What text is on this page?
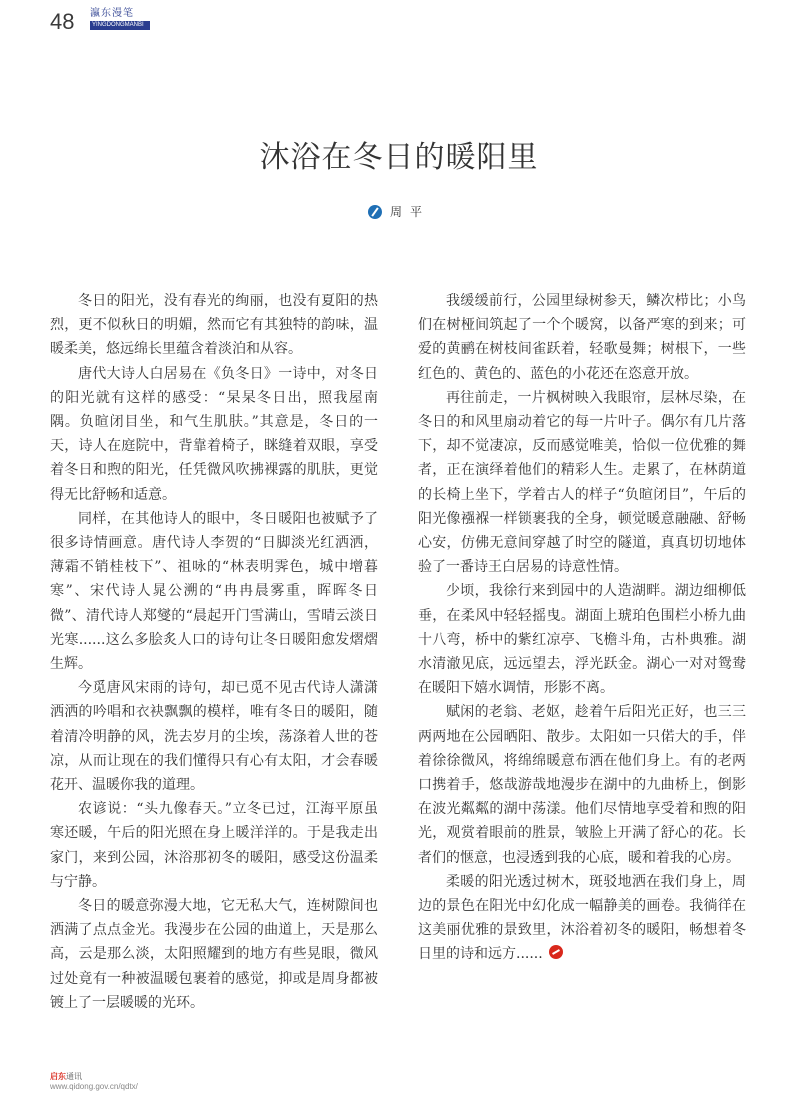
48 瀛东漫笔
YINGDONGMANBI
沐浴在冬日的暖阳里
周平

冬日的阳光，没有春光的绚丽，也没有夏阳的热烈，更不似秋日的明媚，然而它有其独特的韵味，温暖柔美，悠远绵长里蕴含着淡泊和从容。

唐代大诗人白居易在《负冬日》一诗中，对冬日的阳光就有这样的感受：“杲杲冬日出，照我屋南隅。负暄闭目坐，和气生肌肤。”其意是，冬日的一天，诗人在庭院中，背靠着椅子，眯缝着双眼，享受着冬日和煦的阳光，任凭微风吹拂裸露的肌肤，更觉得无比舒畅和适意。

同样，在其他诗人的眼中，冬日暖阳也被赋予了很多诗情画意。唐代诗人李贺的“日脚淡光红洒洒，薄霜不销桂枝下”、祖咏的“林表明霁色，城中增暮寒”、宋代诗人晁公溯的“冉冉晨雾重，晖晖冬日微”、清代诗人郑燮的“晨起开门雪满山，雪晴云淡日光寒......这么多脍炙人口的诗句让冬日暖阳愈发熠熠生辉。

今觅唐风宋雨的诗句，却已觅不见古代诗人潇潇洒洒的吟唱和衣袂飘飘的模样，唯有冬日的暖阳，随着清冷明静的风，洗去岁月的尘埃，荡涤着人世的苍凉，从而让现在的我们懂得只有心有太阳，才会春暖花开、温暖你我的道理。

农谚说：“头九像春天。”立冬已过，江海平原虽寒还暖，午后的阳光照在身上暖洋洋的。于是我走出家门，来到公园，沐浴那初冬的暖阳，感受这份温柔与宁静。

冬日的暖意弥漫大地，它无私大气，连树隙间也洒满了点点金光。我漫步在公园的曲道上，天是那么高，云是那么淡，太阳照耀到的地方有些晃眼，微风过处竟有一种被温暖包裹着的感觉，抑或是周身都被镀上了一层暖暖的光环。

我缓缓前行，公园里绿树参天，鳞次栉比；小鸟们在树桠间筑起了一个个暖窝，以备严寒的到来；可爱的黄鹂在树枝间雀跃着，轻歌曼舞；树根下，一些红色的、黄色的、蓝色的小花还在恣意开放。

再往前走，一片枫树映入我眼帘，层林尽染，在冬日的和风里扇动着它的每一片叶子。偶尔有几片落下，却不觉凄凉，反而感觉唯美，恰似一位优雅的舞者，正在演绎着他们的精彩人生。走累了，在林荫道的长椅上坐下，学着古人的样子“负暄闭目”，午后的阳光像襁褓一样锁裹我的全身，顿觉暖意融融、舒畅心安，仿佛无意间穿越了时空的隧道，真真切切地体验了一番诗王白居易的诗意性情。

少顷，我徐行来到园中的人造湖畔。湖边细柳低垂，在柔风中轻轻摇曳。湖面上琥珀色围栏小桥九曲十八弯，桥中的紫红凉亭、飞檐斗角，古朴典雅。湖水清澈见底，远远望去，浮光跃金。湖心一对对鸳鸯在暖阳下嬉水调情，形影不离。

赋闲的老翁、老妪，趁着午后阳光正好，也三三两两地在公园晒阳、散步。太阳如一只偌大的手，伴着徐徐微风，将绵绵暖意布洒在他们身上。有的老两口携着手，悠哉游哉地漫步在湖中的九曲桥上，倒影在波光粼粼的湖中荡漾。他们尽情地享受着和煦的阳光，观赏着眼前的胜景，皱脸上开满了舒心的花。长者们的惬意，也浸透到我的心底，暖和着我的心房。

柔暖的阳光透过树木，斑驳地洒在我们身上，周边的景色在阳光中幻化成一幅静美的画卷。我徜徉在这美丽优雅的景致里，沐浴着初冬的暖阳，畅想着冬日里的诗和远方......

启东通讯
www.qidong.gov.cn/qdtx/
